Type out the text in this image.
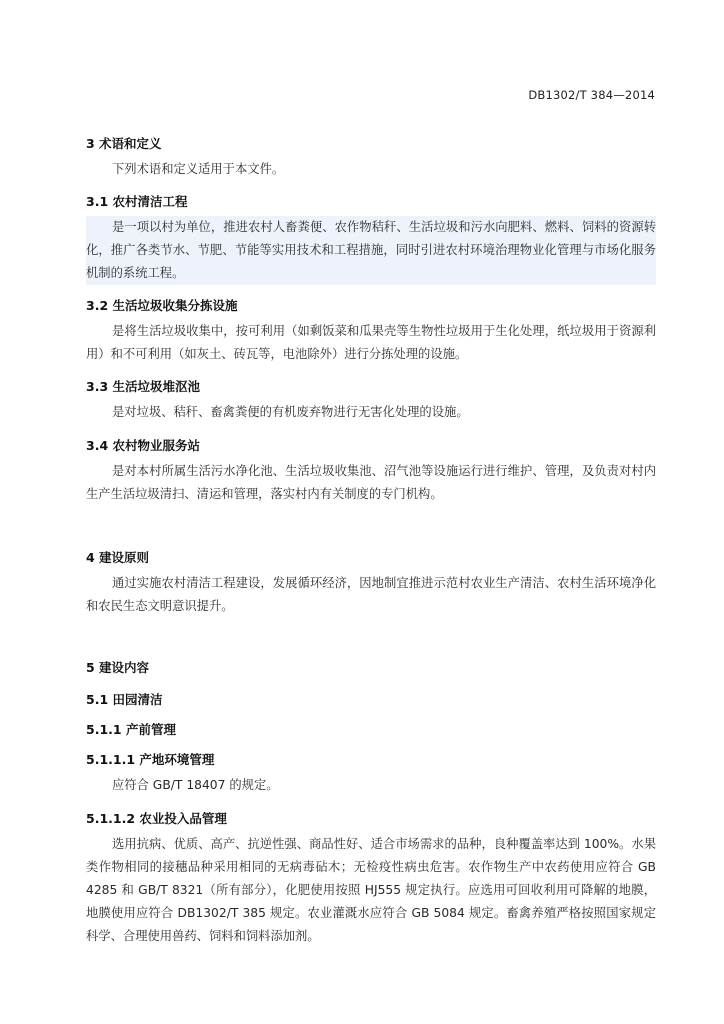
DB1302/T 384—2014
3 术语和定义

下列术语和定义适用于本文件。

3.1 农村清洁工程

是一项以村为单位，推进农村人畜粪便、农作物秸秆、生活垃圾和污水向肥料、燃料、饲料的资源转化，推广各类节水、节肥、节能等实用技术和工程措施，同时引进农村环境治理物业化管理与市场化服务机制的系统工程。

3.2 生活垃圾收集分拣设施

是将生活垃圾收集中，按可利用（如剩饭菜和瓜果壳等生物性垃圾用于生化处理，纸垃圾用于资源利用）和不可利用（如灰土、砖瓦等，电池除外）进行分拣处理的设施。

3.3 生活垃圾堆沤池

是对垃圾、秸秆、畜禽粪便的有机废弃物进行无害化处理的设施。

3.4 农村物业服务站

是对本村所属生活污水净化池、生活垃圾收集池、沼气池等设施运行进行维护、管理，及负责对村内生产生活垃圾清扫、清运和管理，落实村内有关制度的专门机构。

4 建设原则

通过实施农村清洁工程建设，发展循环经济，因地制宜推进示范村农业生产清洁、农村生活环境净化和农民生态文明意识提升。

5 建设内容
5.1 田园清洁
5.1.1 产前管理
5.1.1.1 产地环境管理

应符合 GB/T 18407 的规定。

5.1.1.2 农业投入品管理

选用抗病、优质、高产、抗逆性强、商品性好、适合市场需求的品种，良种覆盖率达到 100%。水果类作物相同的接穗品种采用相同的无病毒砧木；无检疫性病虫危害。农作物生产中农药使用应符合 GB 4285 和 GB/T 8321（所有部分），化肥使用按照 HJ555 规定执行。应选用可回收利用可降解的地膜，地膜使用应符合 DB1302/T 385 规定。农业灌溉水应符合 GB 5084 规定。畜禽养殖严格按照国家规定科学、合理使用兽药、饲料和饲料添加剂。
